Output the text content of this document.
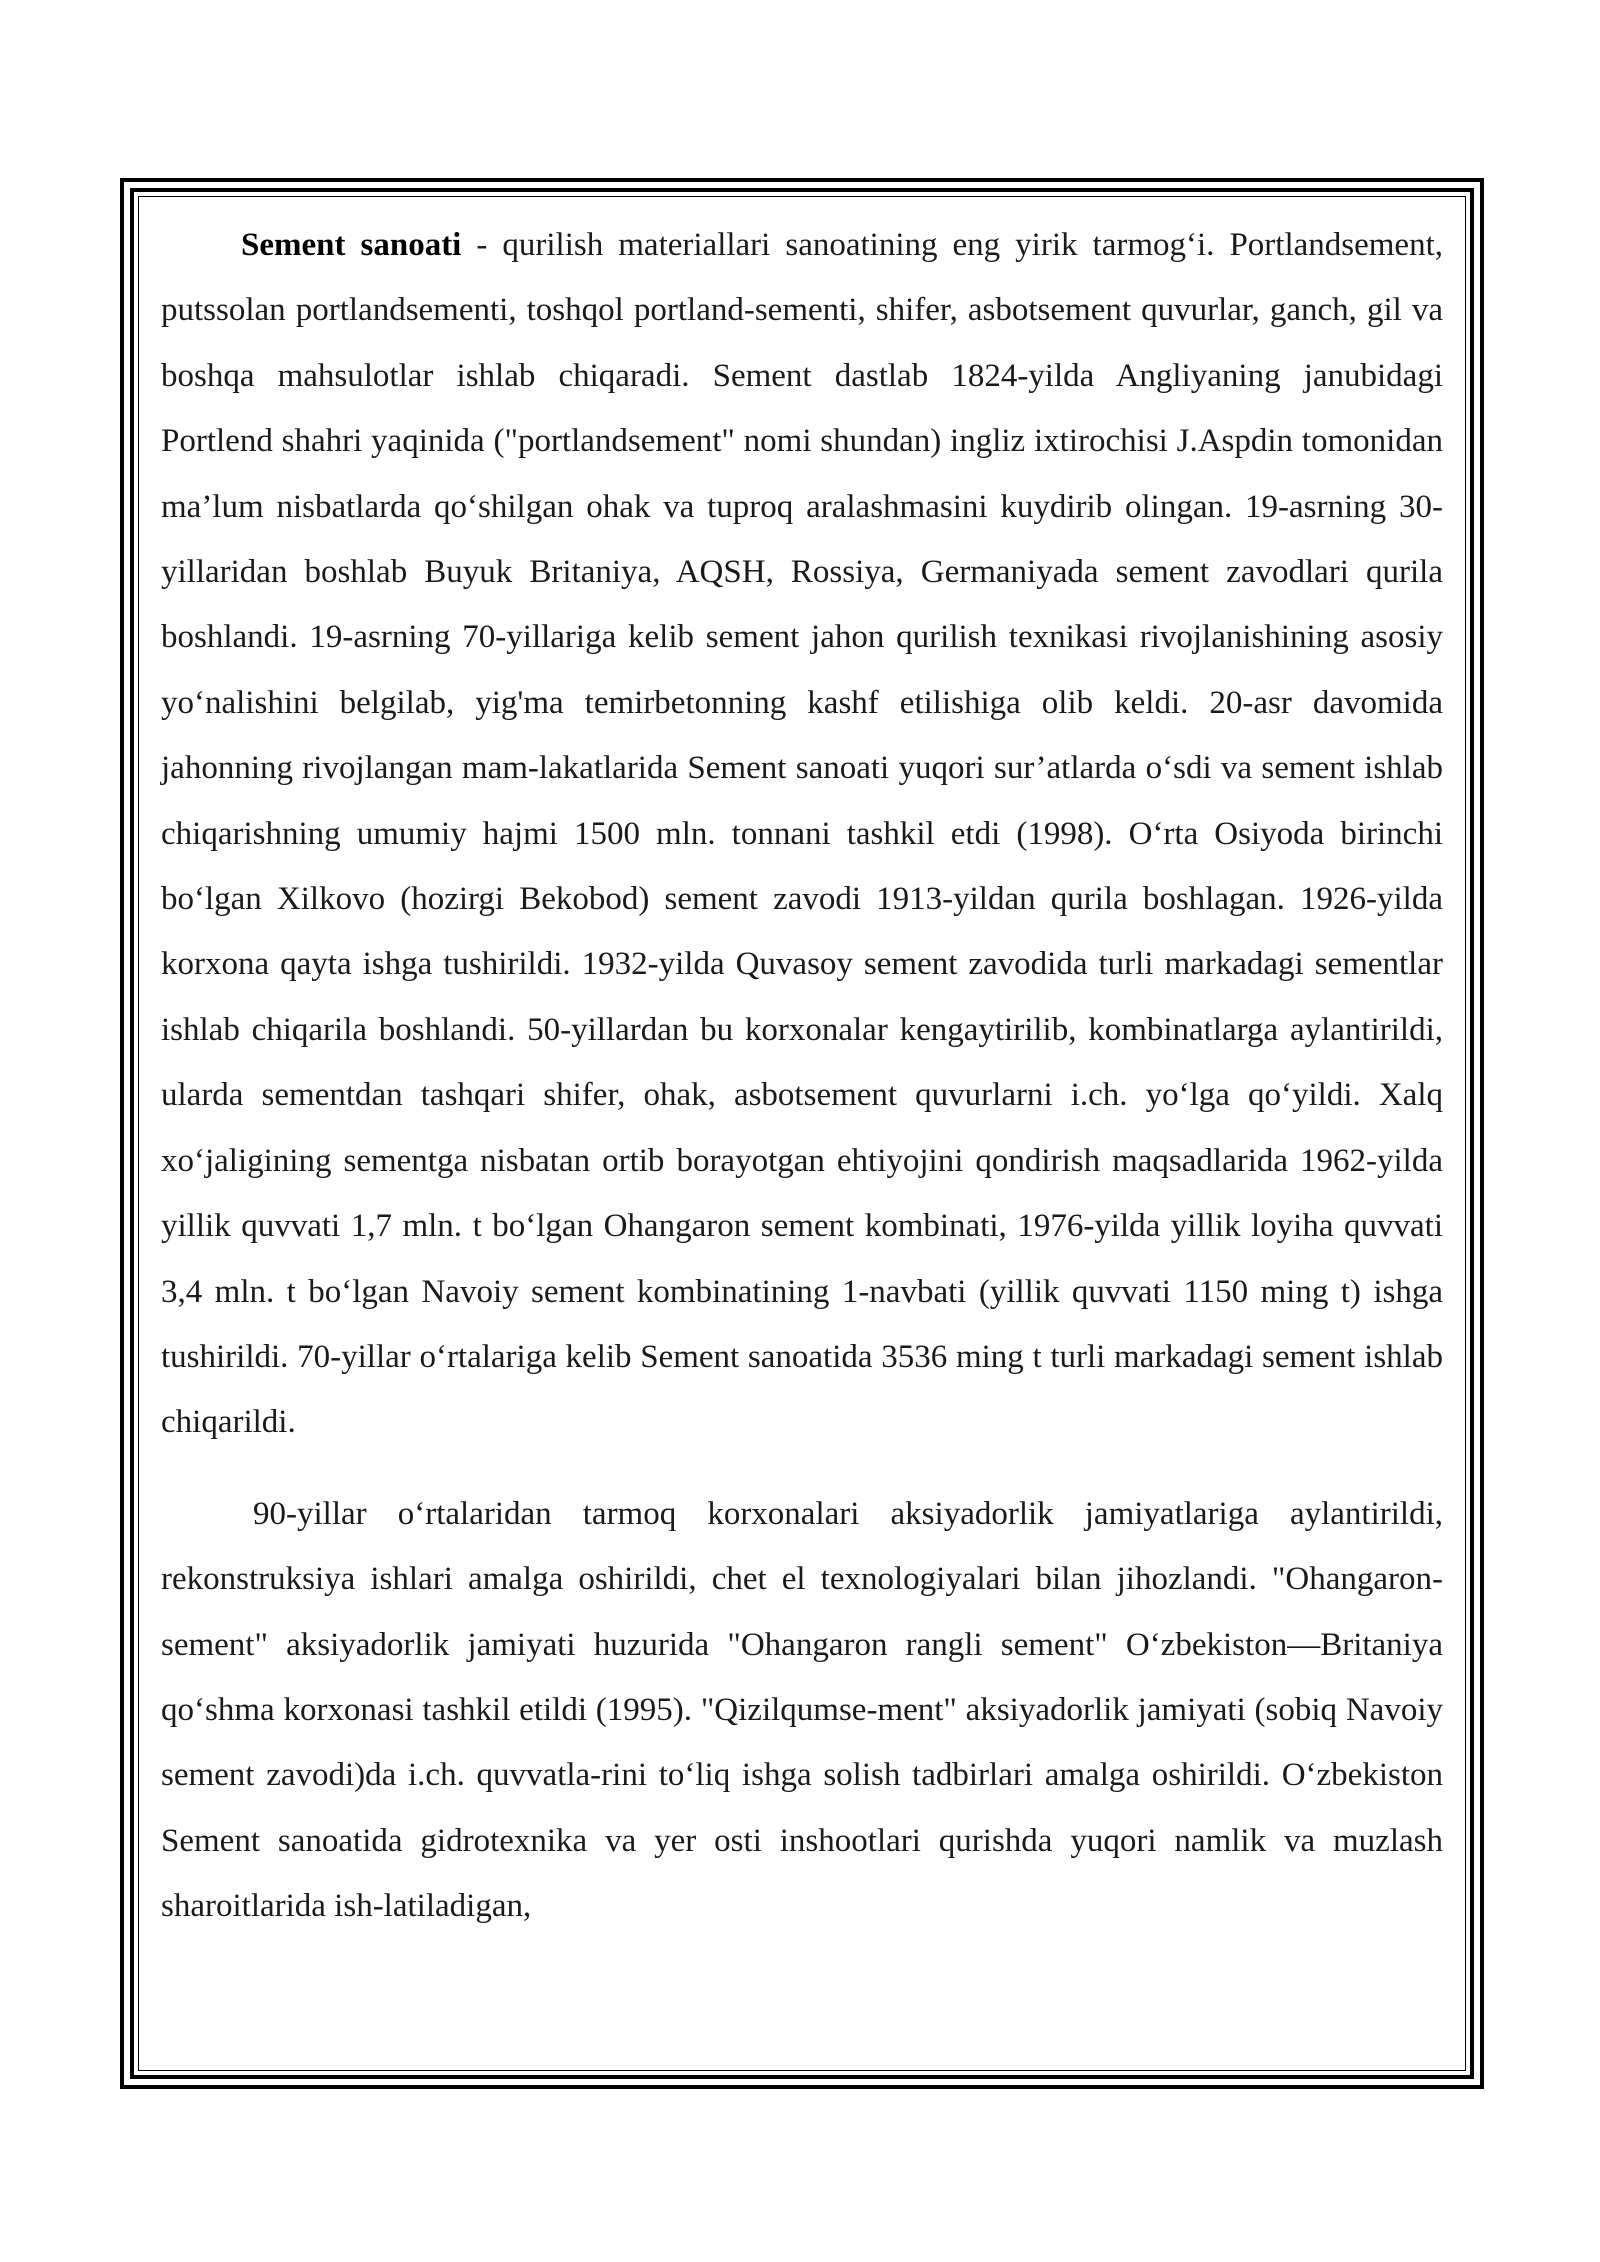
Sement sanoati - qurilish materiallari sanoatining eng yirik tarmog‘i. Portlandsement, putssolan portlandsementi, toshqol portland-sementi, shifer, asbotsement quvurlar, ganch, gil va boshqa mahsulotlar ishlab chiqaradi. Sement dastlab 1824-yilda Angliyaning janubidagi Portlend shahri yaqinida ("portlandsement" nomi shundan) ingliz ixtirochisi J.Aspdin tomonidan ma’lum nisbatlarda qo‘shilgan ohak va tuproq aralashmasini kuydirib olingan. 19-asrning 30-yillaridan boshlab Buyuk Britaniya, AQSH, Rossiya, Germaniyada sement zavodlari qurila boshlandi. 19-asrning 70-yillariga kelib sement jahon qurilish texnikasi rivojlanishining asosiy yo‘nalishini belgilab, yig'ma temirbetonning kashf etilishiga olib keldi. 20-asr davomida jahonning rivojlangan mam-lakatlarida Sement sanoati yuqori sur’atlarda o‘sdi va sement ishlab chiqarishning umumiy hajmi 1500 mln. tonnani tashkil etdi (1998). O‘rta Osiyoda birinchi bo‘lgan Xilkovo (hozirgi Bekobod) sement zavodi 1913-yildan qurila boshlagan. 1926-yilda korxona qayta ishga tushirildi. 1932-yilda Quvasoy sement zavodida turli markadagi sementlar ishlab chiqarila boshlandi. 50-yillardan bu korxonalar kengaytirilib, kombinatlarga aylantirildi, ularda sementdan tashqari shifer, ohak, asbotsement quvurlarni i.ch. yo‘lga qo‘yildi. Xalq xo‘jaligining sementga nisbatan ortib borayotgan ehtiyojini qondirish maqsadlarida 1962-yilda yillik quvvati 1,7 mln. t bo‘lgan Ohangaron sement kombinati, 1976-yilda yillik loyiha quvvati 3,4 mln. t bo‘lgan Navoiy sement kombinatining 1-navbati (yillik quvvati 1150 ming t) ishga tushirildi. 70-yillar o‘rtalariga kelib Sement sanoatida 3536 ming t turli markadagi sement ishlab chiqarildi.

90-yillar o‘rtalaridan tarmoq korxonalari aksiyadorlik jamiyatlariga aylantirildi, rekonstruksiya ishlari amalga oshirildi, chet el texnologiyalari bilan jihozlandi. "Ohangaron-sement" aksiyadorlik jamiyati huzurida "Ohangaron rangli sement" O‘zbekiston—Britaniya qo‘shma korxonasi tashkil etildi (1995). "Qizilqumse-ment" aksiyadorlik jamiyati (sobiq Navoiy sement zavodi)da i.ch. quvvatla-rini to‘liq ishga solish tadbirlari amalga oshirildi. O‘zbekiston Sement sanoatida gidrotexnika va yer osti inshootlari qurishda yuqori namlik va muzlash sharoitlarida ish-latiladigan,
